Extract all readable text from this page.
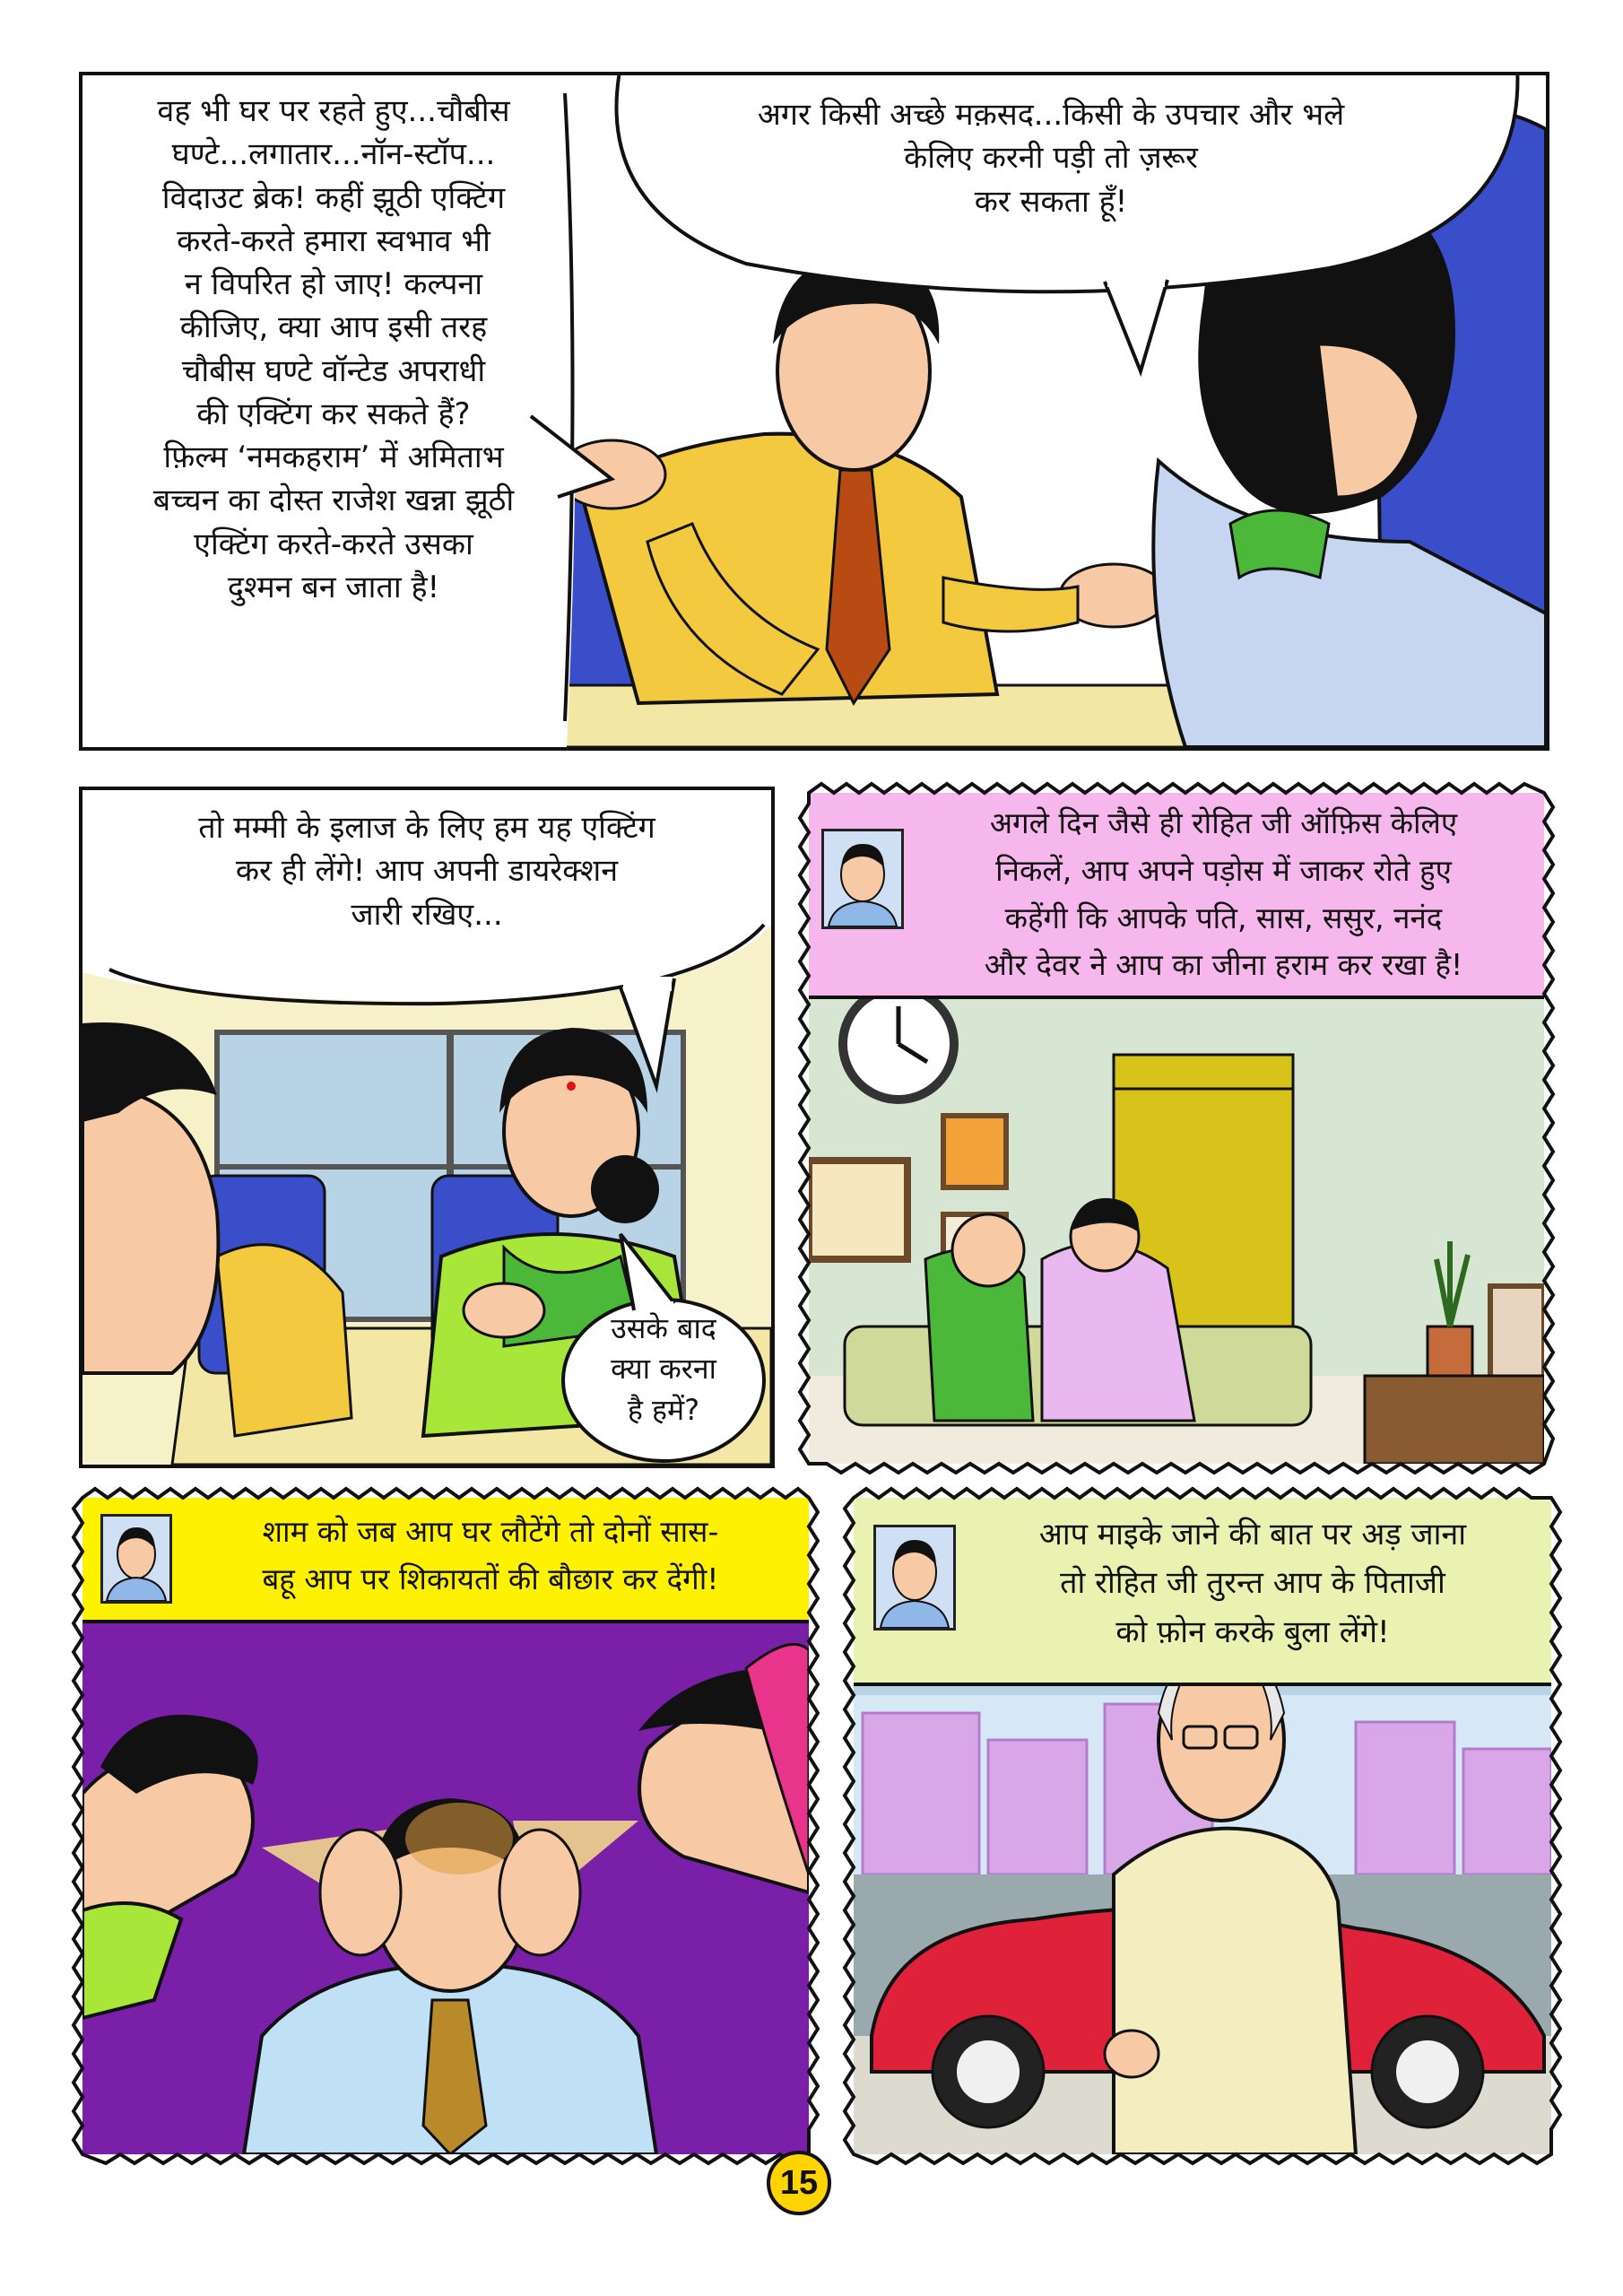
वह भी घर पर रहते हुए...चौबीस
घण्टे...लगातार...नॉन-स्टॉप...
विदाउट ब्रेक! कहीं झूठी एक्टिंग
करते-करते हमारा स्वभाव भी
न विपरित हो जाए! कल्पना
कीजिए, क्या आप इसी तरह
चौबीस घण्टे वॉन्टेड अपराधी
की एक्टिंग कर सकते हैं?
फ़िल्म ‘नमकहराम’ में अमिताभ
बच्चन का दोस्त राजेश खन्ना झूठी
एक्टिंग करते-करते उसका
दुश्मन बन जाता है!
अगर किसी अच्छे मक़सद...किसी के उपचार और भले
केलिए करनी पड़ी तो ज़रूर
कर सकता हूँ!
तो मम्मी के इलाज के लिए हम यह एक्टिंग
कर ही लेंगे! आप अपनी डायरेक्शन
जारी रखिए...
उसके बाद
क्या करना
है हमें?
अगले दिन जैसे ही रोहित जी ऑफ़िस केलिए
निकलें, आप अपने पड़ोस में जाकर रोते हुए
कहेंगी कि आपके पति, सास, ससुर, ननंद
और देवर ने आप का जीना हराम कर रखा है!
शाम को जब आप घर लौटेंगे तो दोनों सास-
बहू आप पर शिकायतों की बौछार कर देंगी!
आप माइके जाने की बात पर अड़ जाना
तो रोहित जी तुरन्त आप के पिताजी
को फ़ोन करके बुला लेंगे!
15
